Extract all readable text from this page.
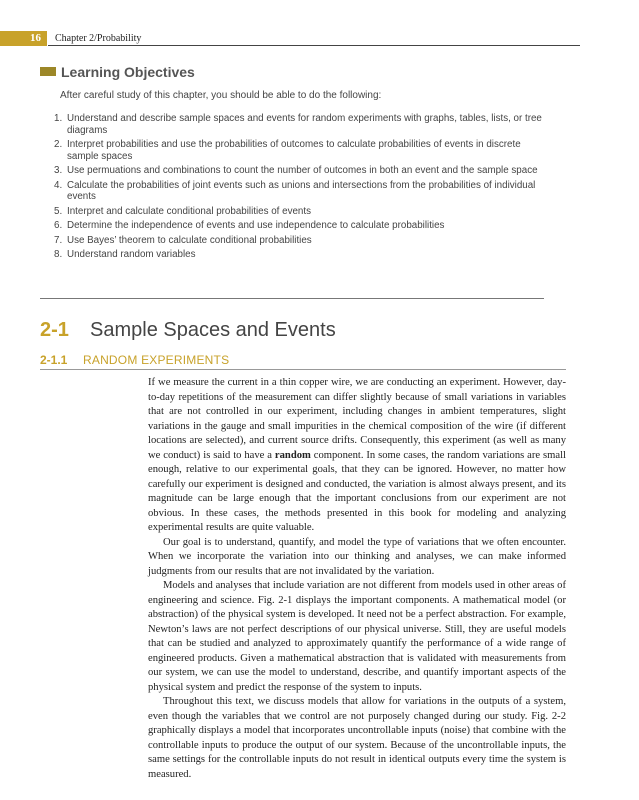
16 Chapter 2/Probability
Learning Objectives
After careful study of this chapter, you should be able to do the following:
1. Understand and describe sample spaces and events for random experiments with graphs, tables, lists, or tree diagrams
2. Interpret probabilities and use the probabilities of outcomes to calculate probabilities of events in discrete sample spaces
3. Use permuations and combinations to count the number of outcomes in both an event and the sample space
4. Calculate the probabilities of joint events such as unions and intersections from the probabilities of individual events
5. Interpret and calculate conditional probabilities of events
6. Determine the independence of events and use independence to calculate probabilities
7. Use Bayes’ theorem to calculate conditional probabilities
8. Understand random variables
2-1 Sample Spaces and Events
2-1.1 RANDOM EXPERIMENTS

If we measure the current in a thin copper wire, we are conducting an experiment. However, day-to-day repetitions of the measurement can differ slightly because of small variations in variables that are not controlled in our experiment, including changes in ambient temperatures, slight variations in the gauge and small impurities in the chemical composition of the wire (if different locations are selected), and current source drifts. Consequently, this experiment (as well as many we conduct) is said to have a random component. In some cases, the random variations are small enough, relative to our experimental goals, that they can be ignored. However, no matter how carefully our experiment is designed and conducted, the variation is almost always present, and its magnitude can be large enough that the important conclusions from our experiment are not obvious. In these cases, the methods presented in this book for modeling and analyzing experimental results are quite valuable.

Our goal is to understand, quantify, and model the type of variations that we often encounter. When we incorporate the variation into our thinking and analyses, we can make informed judgments from our results that are not invalidated by the variation.

Models and analyses that include variation are not different from models used in other areas of engineering and science. Fig. 2-1 displays the important components. A mathematical model (or abstraction) of the physical system is developed. It need not be a perfect abstraction. For example, Newton’s laws are not perfect descriptions of our physical universe. Still, they are useful models that can be studied and analyzed to approximately quantify the performance of a wide range of engineered products. Given a mathematical abstraction that is validated with measurements from our system, we can use the model to understand, describe, and quantify important aspects of the physical system and predict the response of the system to inputs.

Throughout this text, we discuss models that allow for variations in the outputs of a system, even though the variables that we control are not purposely changed during our study. Fig. 2-2 graphically displays a model that incorporates uncontrollable inputs (noise) that combine with the controllable inputs to produce the output of our system. Because of the uncontrollable inputs, the same settings for the controllable inputs do not result in identical outputs every time the system is measured.
